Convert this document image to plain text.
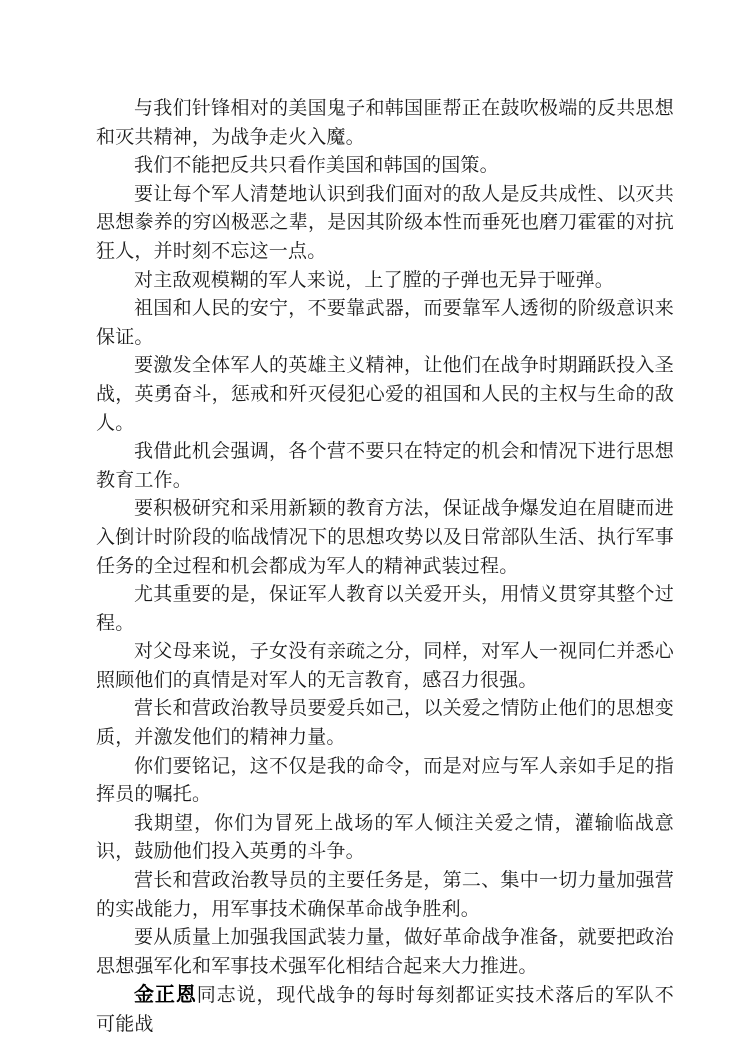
与我们针锋相对的美国鬼子和韩国匪帮正在鼓吹极端的反共思想和灭共精神，为战争走火入魔。

我们不能把反共只看作美国和韩国的国策。

要让每个军人清楚地认识到我们面对的敌人是反共成性、以灭共思想豢养的穷凶极恶之辈，是因其阶级本性而垂死也磨刀霍霍的对抗狂人，并时刻不忘这一点。

对主敌观模糊的军人来说，上了膛的子弹也无异于哑弹。

祖国和人民的安宁，不要靠武器，而要靠军人透彻的阶级意识来保证。

要激发全体军人的英雄主义精神，让他们在战争时期踊跃投入圣战，英勇奋斗，惩戒和歼灭侵犯心爱的祖国和人民的主权与生命的敌人。

我借此机会强调，各个营不要只在特定的机会和情况下进行思想教育工作。

要积极研究和采用新颖的教育方法，保证战争爆发迫在眉睫而进入倒计时阶段的临战情况下的思想攻势以及日常部队生活、执行军事任务的全过程和机会都成为军人的精神武装过程。

尤其重要的是，保证军人教育以关爱开头，用情义贯穿其整个过程。

对父母来说，子女没有亲疏之分，同样，对军人一视同仁并悉心照顾他们的真情是对军人的无言教育，感召力很强。

营长和营政治教导员要爱兵如己，以关爱之情防止他们的思想变质，并激发他们的精神力量。

你们要铭记，这不仅是我的命令，而是对应与军人亲如手足的指挥员的嘱托。

我期望，你们为冒死上战场的军人倾注关爱之情，灌输临战意识，鼓励他们投入英勇的斗争。

营长和营政治教导员的主要任务是，第二、集中一切力量加强营的实战能力，用军事技术确保革命战争胜利。

要从质量上加强我国武装力量，做好革命战争准备，就要把政治思想强军化和军事技术强军化相结合起来大力推进。

金正恩同志说，现代战争的每时每刻都证实技术落后的军队不可能战
